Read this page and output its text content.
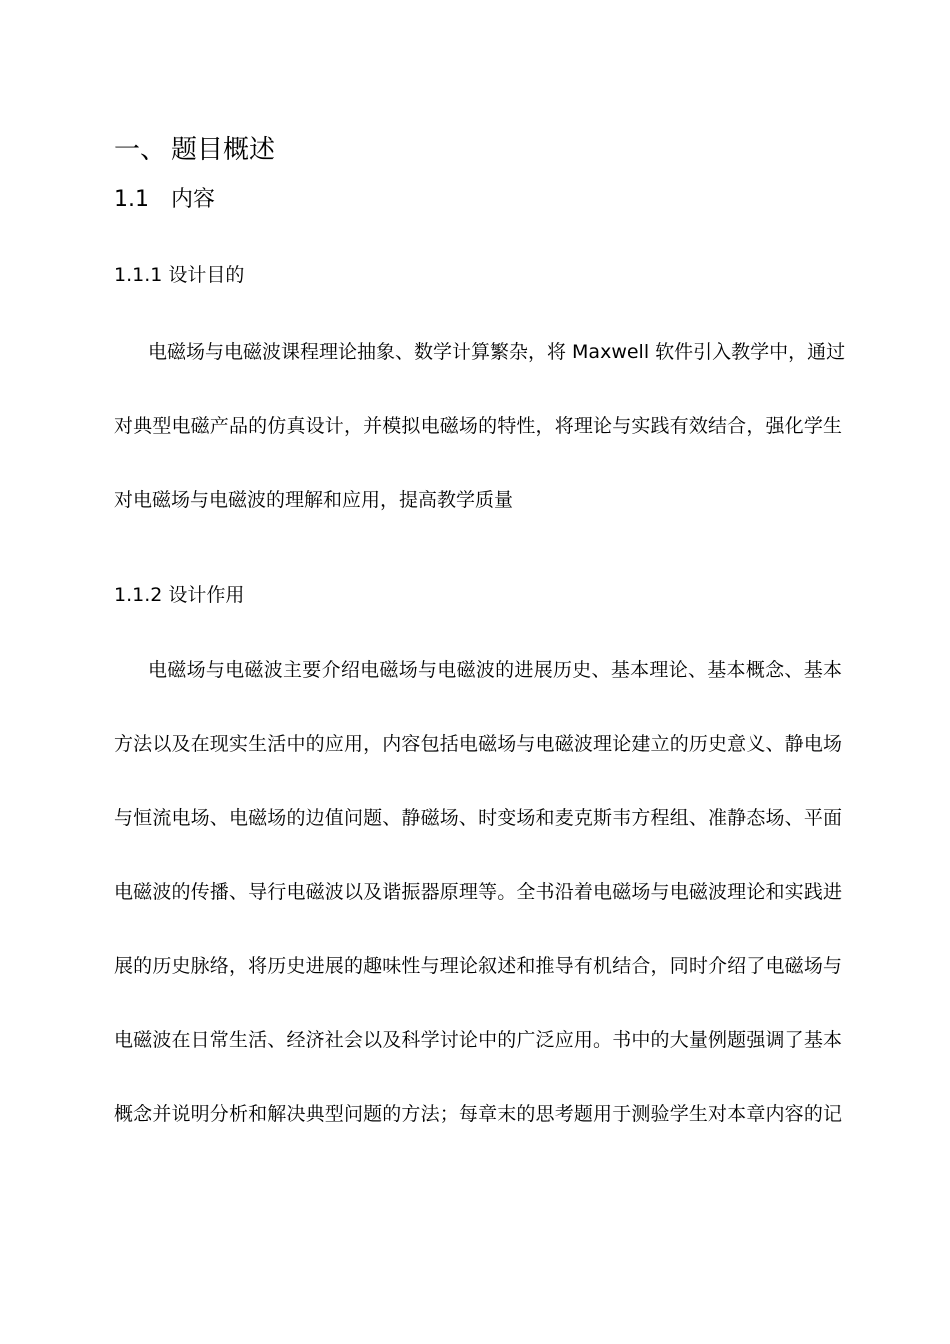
一、 题目概述
1.1 内容
1.1.1 设计目的
电磁场与电磁波课程理论抽象、数学计算繁杂，将 Maxwell 软件引入教学中，通过
对典型电磁产品的仿真设计，并模拟电磁场的特性，将理论与实践有效结合，强化学生
对电磁场与电磁波的理解和应用，提高教学质量
1.1.2 设计作用
电磁场与电磁波主要介绍电磁场与电磁波的进展历史、基本理论、基本概念、基本
方法以及在现实生活中的应用，内容包括电磁场与电磁波理论建立的历史意义、静电场
与恒流电场、电磁场的边值问题、静磁场、时变场和麦克斯韦方程组、准静态场、平面
电磁波的传播、导行电磁波以及谐振器原理等。全书沿着电磁场与电磁波理论和实践进
展的历史脉络，将历史进展的趣味性与理论叙述和推导有机结合，同时介绍了电磁场与
电磁波在日常生活、经济社会以及科学讨论中的广泛应用。书中的大量例题强调了基本
概念并说明分析和解决典型问题的方法；每章末的思考题用于测验学生对本章内容的记
